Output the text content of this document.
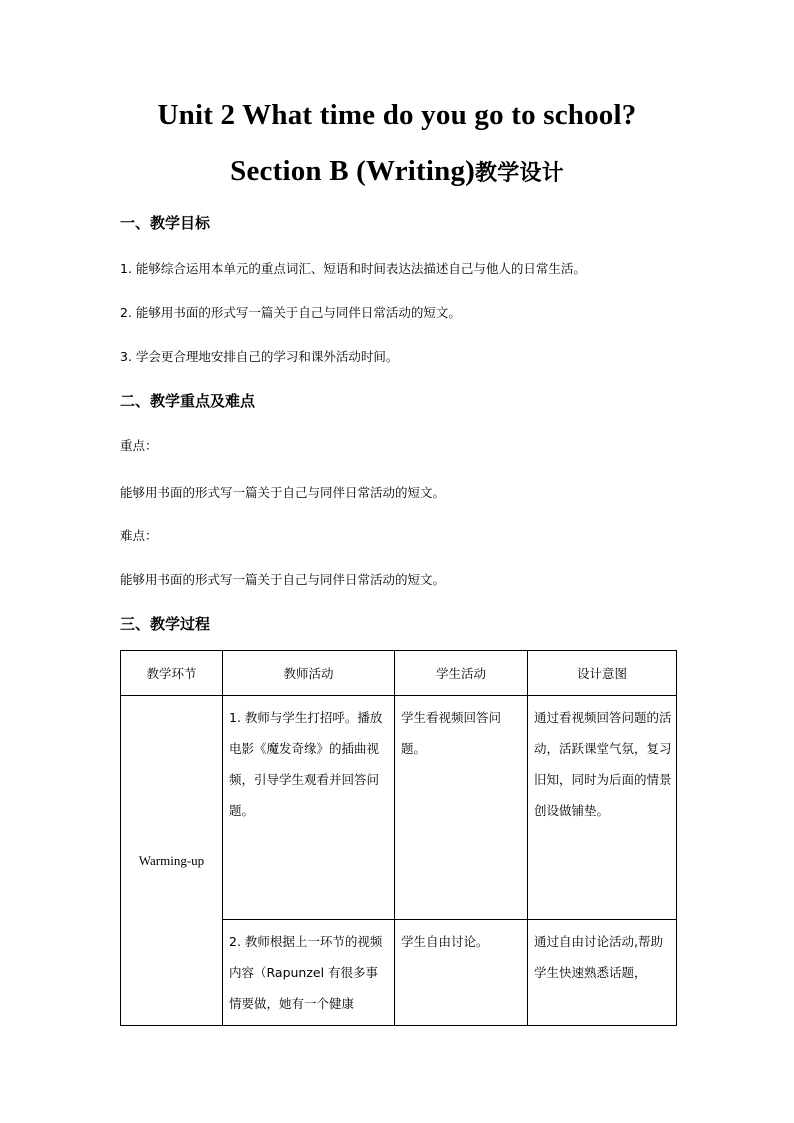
Unit 2 What time do you go to school?
Section B (Writing)教学设计
一、教学目标
1. 能够综合运用本单元的重点词汇、短语和时间表达法描述自己与他人的日常生活。
2. 能够用书面的形式写一篇关于自己与同伴日常活动的短文。
3. 学会更合理地安排自己的学习和课外活动时间。
二、教学重点及难点
重点：
能够用书面的形式写一篇关于自己与同伴日常活动的短文。
难点：
能够用书面的形式写一篇关于自己与同伴日常活动的短文。
三、教学过程
教学环节	教师活动	学生活动	设计意图
Warming-up	1. 教师与学生打招呼。播放电影《魔发奇缘》的插曲视频，引导学生观看并回答问题。	学生看视频回答问题。	通过看视频回答问题的活动，活跃课堂气氛，复习旧知，同时为后面的情景创设做铺垫。

	2. 教师根据上一环节的视频内容（Rapunzel 有很多事情要做，她有一个健康	学生自由讨论。	通过自由讨论活动,帮助学生快速熟悉话题，
